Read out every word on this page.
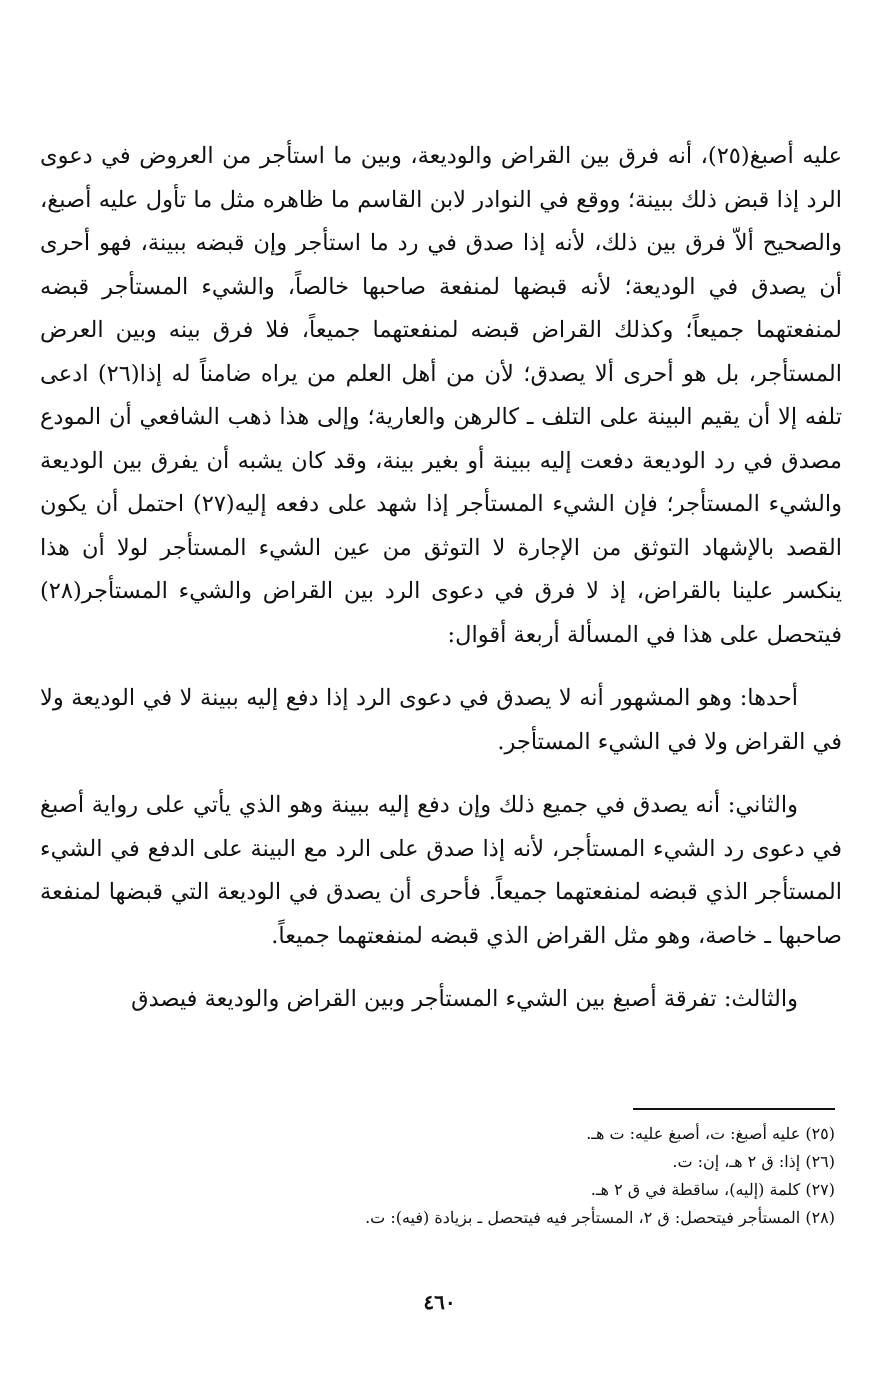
عليه أصبغ(٢٥)، أنه فرق بين القراض والوديعة، وبين ما استأجر من العروض في دعوى الرد إذا قبض ذلك ببينة؛ ووقع في النوادر لابن القاسم ما ظاهره مثل ما تأول عليه أصبغ، والصحيح ألاّ فرق بين ذلك، لأنه إذا صدق في رد ما استأجر وإن قبضه ببينة، فهو أحرى أن يصدق في الوديعة؛ لأنه قبضها لمنفعة صاحبها خالصاً، والشيء المستأجر قبضه لمنفعتهما جميعاً؛ وكذلك القراض قبضه لمنفعتهما جميعاً، فلا فرق بينه وبين العرض المستأجر، بل هو أحرى ألا يصدق؛ لأن من أهل العلم من يراه ضامناً له إذا(٢٦) ادعى تلفه إلا أن يقيم البينة على التلف ـ كالرهن والعارية؛ وإلى هذا ذهب الشافعي أن المودع مصدق في رد الوديعة دفعت إليه ببينة أو بغير بينة، وقد كان يشبه أن يفرق بين الوديعة والشيء المستأجر؛ فإن الشيء المستأجر إذا شهد على دفعه إليه(٢٧) احتمل أن يكون القصد بالإشهاد التوثق من الإجارة لا التوثق من عين الشيء المستأجر لولا أن هذا ينكسر علينا بالقراض، إذ لا فرق في دعوى الرد بين القراض والشيء المستأجر(٢٨) فيتحصل على هذا في المسألة أربعة أقوال:

أحدها: وهو المشهور أنه لا يصدق في دعوى الرد إذا دفع إليه ببينة لا في الوديعة ولا في القراض ولا في الشيء المستأجر.

والثاني: أنه يصدق في جميع ذلك وإن دفع إليه ببينة وهو الذي يأتي على رواية أصبغ في دعوى رد الشيء المستأجر، لأنه إذا صدق على الرد مع البينة على الدفع في الشيء المستأجر الذي قبضه لمنفعتهما جميعاً. فأحرى أن يصدق في الوديعة التي قبضها لمنفعة صاحبها ـ خاصة، وهو مثل القراض الذي قبضه لمنفعتهما جميعاً.

والثالث: تفرقة أصبغ بين الشيء المستأجر وبين القراض والوديعة فيصدق

(٢٥) عليه أصبغ: ت، أصبغ عليه: ت هـ.

(٢٦) إذا: ق ٢ هـ، إن: ت.

(٢٧) كلمة (إليه)، ساقطة في ق ٢ هـ.

(٢٨) المستأجر فيتحصل: ق ٢، المستأجر فيه فيتحصل ـ بزيادة (فيه): ت.

٤٦٠
